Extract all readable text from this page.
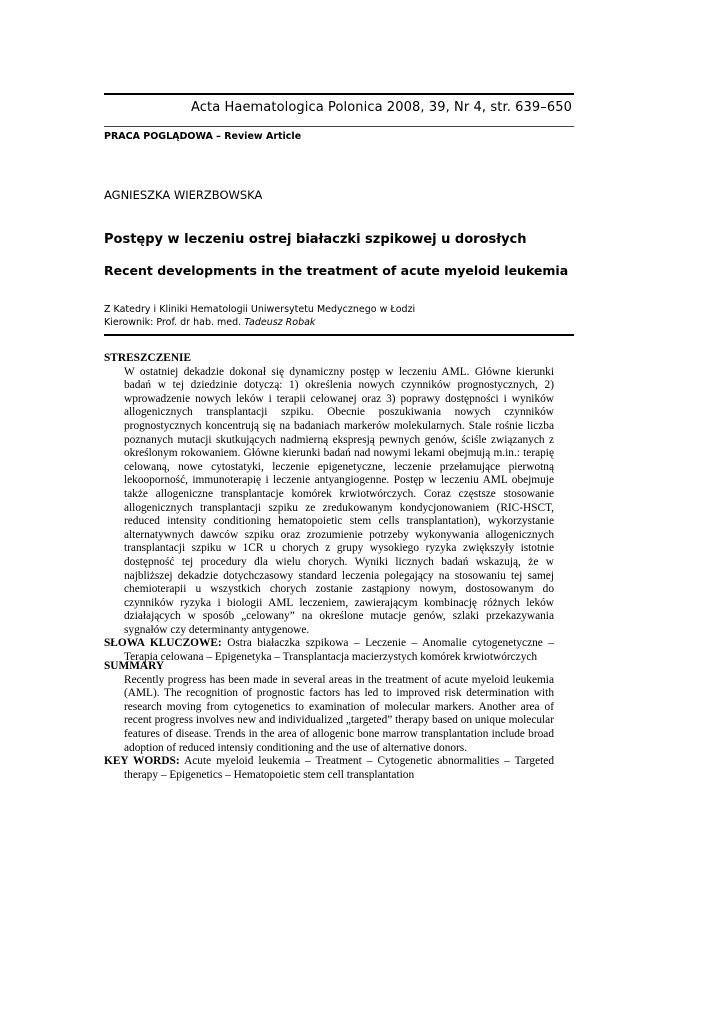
Acta Haematologica Polonica 2008, 39, Nr 4, str. 639–650
PRACA POGLĄDOWA – Review Article
AGNIESZKA WIERZBOWSKA
Postępy w leczeniu ostrej białaczki szpikowej u dorosłych
Recent developments in the treatment of acute myeloid leukemia
Z Katedry i Kliniki Hematologii Uniwersytetu Medycznego w Łodzi
Kierownik: Prof. dr hab. med. Tadeusz Robak
STRESZCZENIE
W ostatniej dekadzie dokonał się dynamiczny postęp w leczeniu AML. Główne kierunki badań w tej dziedzinie dotyczą: 1) określenia nowych czynników prognostycznych, 2) wprowadzenie nowych leków i terapii celowanej oraz 3) poprawy dostępności i wyników allogenicznych transplantacji szpiku. Obecnie poszukiwania nowych czynników prognostycznych koncentrują się na badaniach markerów molekularnych. Stale rośnie liczba poznanych mutacji skutkujących nadmierną ekspresją pewnych genów, ściśle związanych z określonym rokowaniem. Główne kierunki badań nad nowymi lekami obejmują m.in.: terapię celowaną, nowe cytostatyki, leczenie epigenetyczne, leczenie przełamujące pierwotną lekooporność, immunoterapię i leczenie antyangiogenne. Postęp w leczeniu AML obejmuje także allogeniczne transplantacje komórek krwiotwórczych. Coraz częstsze stosowanie allogenicznych transplantacji szpiku ze zredukowanym kondycjonowaniem (RIC-HSCT, reduced intensity conditioning hematopoietic stem cells transplantation), wykorzystanie alternatywnych dawców szpiku oraz zrozumienie potrzeby wykonywania allogenicznych transplantacji szpiku w 1CR u chorych z grupy wysokiego ryzyka zwiększyły istotnie dostępność tej procedury dla wielu chorych. Wyniki licznych badań wskazują, że w najbliższej dekadzie dotychczasowy standard leczenia polegający na stosowaniu tej samej chemioterapii u wszystkich chorych zostanie zastąpiony nowym, dostosowanym do czynników ryzyka i biologii AML leczeniem, zawierającym kombinację różnych leków działających w sposób „celowany” na określone mutacje genów, szlaki przekazywania sygnałów czy determinanty antygenowe.
SŁOWA KLUCZOWE: Ostra białaczka szpikowa – Leczenie – Anomalie cytogenetyczne – Terapia celowana – Epigenetyka – Transplantacja macierzystych komórek krwiotwórczych
SUMMARY
Recently progress has been made in several areas in the treatment of acute myeloid leukemia (AML). The recognition of prognostic factors has led to improved risk determination with research moving from cytogenetics to examination of molecular markers. Another area of recent progress involves new and individualized „targeted” therapy based on unique molecular features of disease. Trends in the area of allogenic bone marrow transplantation include broad adoption of reduced intensiy conditioning and the use of alternative donors.
KEY WORDS: Acute myeloid leukemia – Treatment – Cytogenetic abnormalities – Targeted therapy – Epigenetics – Hematopoietic stem cell transplantation
